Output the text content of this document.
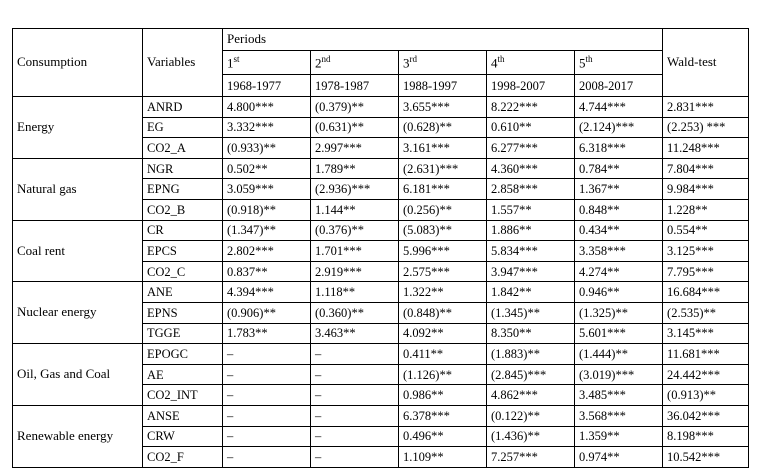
Consumption	Variables	Periods					Wald-test
		1st	2nd	3rd	4th	5th
		1968-1977	1978-1987	1988-1997	1998-2007	2008-2017	
Energy	ANRD	4.800***	(0.379)**	3.655***	8.222***	4.744***	2.831***
	EG	3.332***	(0.631)**	(0.628)**	0.610**	(2.124)***	(2.253) ***
	CO2_A	(0.933)**	2.997***	3.161***	6.277***	6.318***	11.248***
Natural gas	NGR	0.502**	1.789**	(2.631)***	4.360***	0.784**	7.804***
	EPNG	3.059***	(2.936)***	6.181***	2.858***	1.367**	9.984***
	CO2_B	(0.918)**	1.144**	(0.256)**	1.557**	0.848**	1.228**
Coal rent	CR	(1.347)**	(0.376)**	(5.083)**	1.886**	0.434**	0.554**
	EPCS	2.802***	1.701***	5.996***	5.834***	3.358***	3.125***
	CO2_C	0.837**	2.919***	2.575***	3.947***	4.274**	7.795***
Nuclear energy	ANE	4.394***	1.118**	1.322**	1.842**	0.946**	16.684***
	EPNS	(0.906)**	(0.360)**	(0.848)**	(1.345)**	(1.325)**	(2.535)**
	TGGE	1.783**	3.463**	4.092**	8.350**	5.601***	3.145***
Oil, Gas and Coal	EPOGC	–	–	0.411**	(1.883)**	(1.444)**	11.681***
	AE	–	–	(1.126)**	(2.845)***	(3.019)***	24.442***
	CO2_INT	–	–	0.986**	4.862***	3.485***	(0.913)**
Renewable energy	ANSE	–	–	6.378***	(0.122)**	3.568***	36.042***
	CRW	–	–	0.496**	(1.436)**	1.359**	8.198***
	CO2_F	–	–	1.109**	7.257***	0.974**	10.542***
